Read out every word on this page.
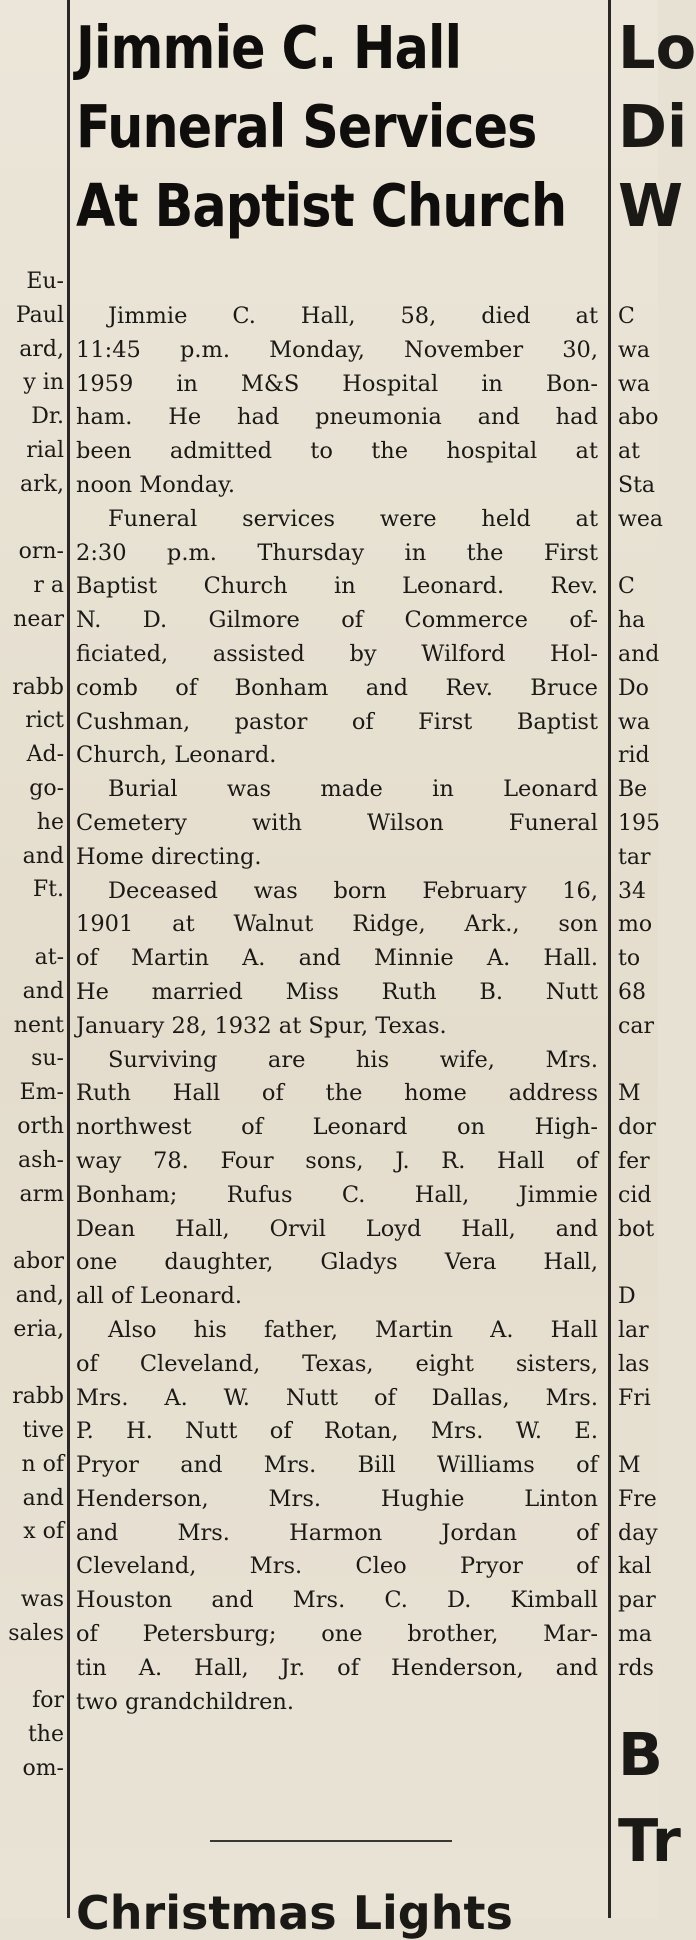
Eu-
Paul
ard,
y in
Dr.
rial
ark,
orn-
r a
near
rabb
rict
Ad-
go-
he
and
Ft.
at-
and
nent
su-
Em-
orth
ash-
arm
abor
and,
eria,
rabb
tive
n of
and
x of
was
sales
for
the
om-
Jimmie C. Hall
Funeral Services
At Baptist Church
Jimmie C. Hall, 58, died at
11:45 p.m. Monday, November 30,
1959 in M&S Hospital in Bon-
ham. He had pneumonia and had
been admitted to the hospital at
noon Monday.
Funeral services were held at
2:30 p.m. Thursday in the First
Baptist Church in Leonard. Rev.
N. D. Gilmore of Commerce of-
ficiated, assisted by Wilford Hol-
comb of Bonham and Rev. Bruce
Cushman, pastor of First Baptist
Church, Leonard.
Burial was made in Leonard
Cemetery with Wilson Funeral
Home directing.
Deceased was born February 16,
1901 at Walnut Ridge, Ark., son
of Martin A. and Minnie A. Hall.
He married Miss Ruth B. Nutt
January 28, 1932 at Spur, Texas.
Surviving are his wife, Mrs.
Ruth Hall of the home address
northwest of Leonard on High-
way 78. Four sons, J. R. Hall of
Bonham; Rufus C. Hall, Jimmie
Dean Hall, Orvil Loyd Hall, and
one daughter, Gladys Vera Hall,
all of Leonard.
Also his father, Martin A. Hall
of Cleveland, Texas, eight sisters,
Mrs. A. W. Nutt of Dallas, Mrs.
P. H. Nutt of Rotan, Mrs. W. E.
Pryor and Mrs. Bill Williams of
Henderson, Mrs. Hughie Linton
and Mrs. Harmon Jordan of
Cleveland, Mrs. Cleo Pryor of
Houston and Mrs. C. D. Kimball
of Petersburg; one brother, Mar-
tin A. Hall, Jr. of Henderson, and
two grandchildren.
Christmas Lights
Lo
Di
W
C
wa
wa
abo
at
Sta
wea
C
ha
and
Do
wa
rid
Be
195
tar
34
mo
to
68
car
M
dor
fer
cid
bot
D
lar
las
Fri
M
Fre
day
kal
par
ma
rds
B
Tr
